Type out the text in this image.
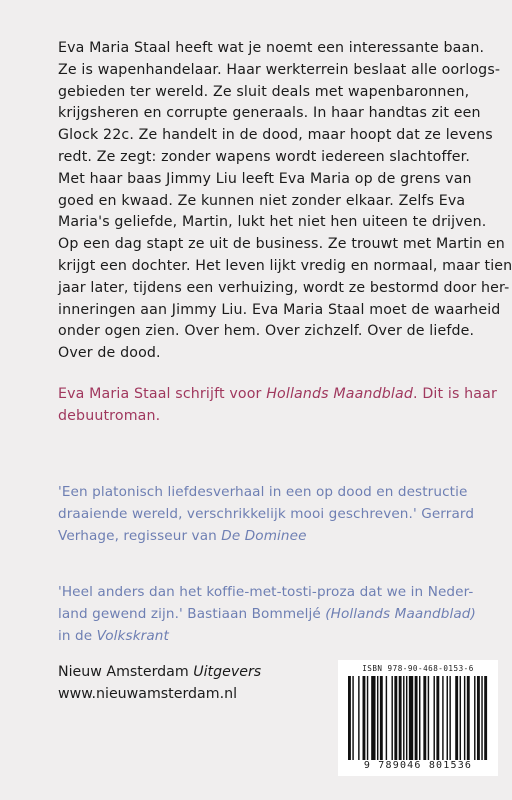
Eva Maria Staal heeft wat je noemt een interessante baan.
Ze is wapenhandelaar. Haar werkterrein beslaat alle oorlogs-
gebieden ter wereld. Ze sluit deals met wapenbaronnen,
krijgsheren en corrupte generaals. In haar handtas zit een
Glock 22c. Ze handelt in de dood, maar hoopt dat ze levens
redt. Ze zegt: zonder wapens wordt iedereen slachtoffer.
Met haar baas Jimmy Liu leeft Eva Maria op de grens van
goed en kwaad. Ze kunnen niet zonder elkaar. Zelfs Eva
Maria's geliefde, Martin, lukt het niet hen uiteen te drijven.
Op een dag stapt ze uit de business. Ze trouwt met Martin en
krijgt een dochter. Het leven lijkt vredig en normaal, maar tien
jaar later, tijdens een verhuizing, wordt ze bestormd door her-
inneringen aan Jimmy Liu. Eva Maria Staal moet de waarheid
onder ogen zien. Over hem. Over zichzelf. Over de liefde.
Over de dood.
Eva Maria Staal schrijft voor Hollands Maandblad. Dit is haar
debuutroman.
'Een platonisch liefdesverhaal in een op dood en destructie
draaiende wereld, verschrikkelijk mooi geschreven.' Gerrard
Verhage, regisseur van De Dominee
'Heel anders dan het koffie-met-tosti-proza dat we in Neder-
land gewend zijn.' Bastiaan Bommeljé (Hollands Maandblad)
in de Volkskrant
Nieuw Amsterdam Uitgevers
www.nieuwamsterdam.nl
ISBN 978-90-468-0153-6
9 789046 801536
